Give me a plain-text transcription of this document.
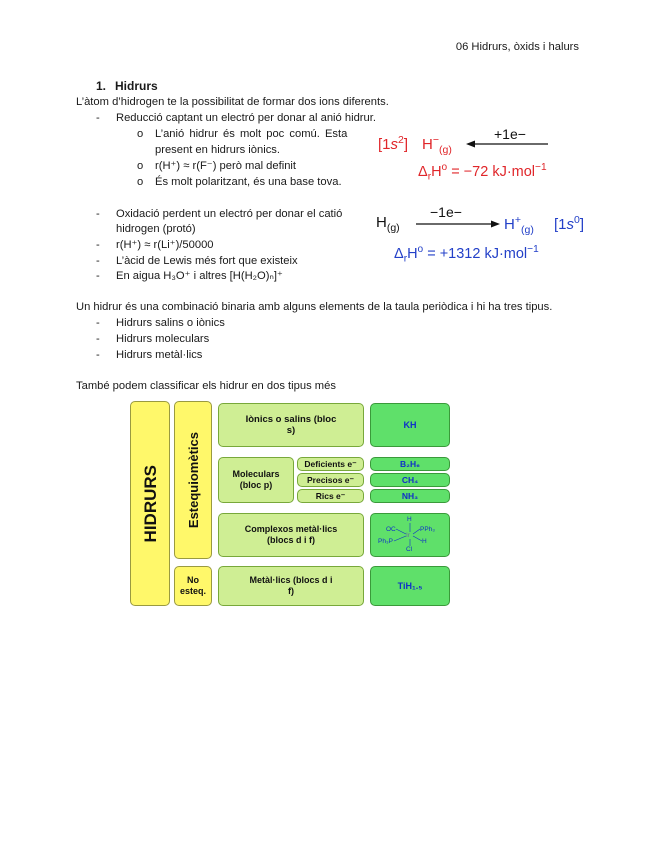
06 Hidrurs, òxids i halurs
1. Hidrurs
L’àtom d’hidrogen te la possibilitat de formar dos ions diferents.
- Reducció captant un electró per donar al anió hidrur.
o L’anió hidrur és molt poc comú. Esta
present en hidrurs iònics.
o r(H⁺) ≈ r(F⁻) però mal definit
o És molt polaritzant, és una base tova.
- Oxidació perdent un electró per donar el catió
hidrogen (protó)
- r(H⁺) ≈ r(Li⁺)/50000
- L’àcid de Lewis més fort que existeix
- En aigua H₃O⁺ i altres [H(H₂O)ₙ]⁺
$[1s^2]$ $H^-_{(g)}$
+1e−
$\Delta_rH^o = -72$ kJ·mol$^{-1}$
$H_{(g)}$
−1e−
$H^+_{(g)}$ $[1s^0]$
$\Delta_rH^o = +1312$ kJ·mol$^{-1}$
Un hidrur és una combinació binaria amb alguns elements de la taula periòdica i hi ha tres tipus.
- Hidrurs salins o iònics
- Hidrurs moleculars
- Hidrurs metàl·lics
També podem classificar els hidrur en dos tipus més
HIDRURS Estequiomètics
No esteq.
Iònics o salins (bloc s)
KH
Moleculars (bloc p)
Deficients e⁻
Precisos e⁻
Rics e⁻
B₂H₆
CH₄
NH₃
Complexos metàl·lics (blocs d i f)
H
OC
Ir
PPh₃
Ph₃P	H
Cl
Metàl·lics (blocs d i f)
TiH₁.₅
